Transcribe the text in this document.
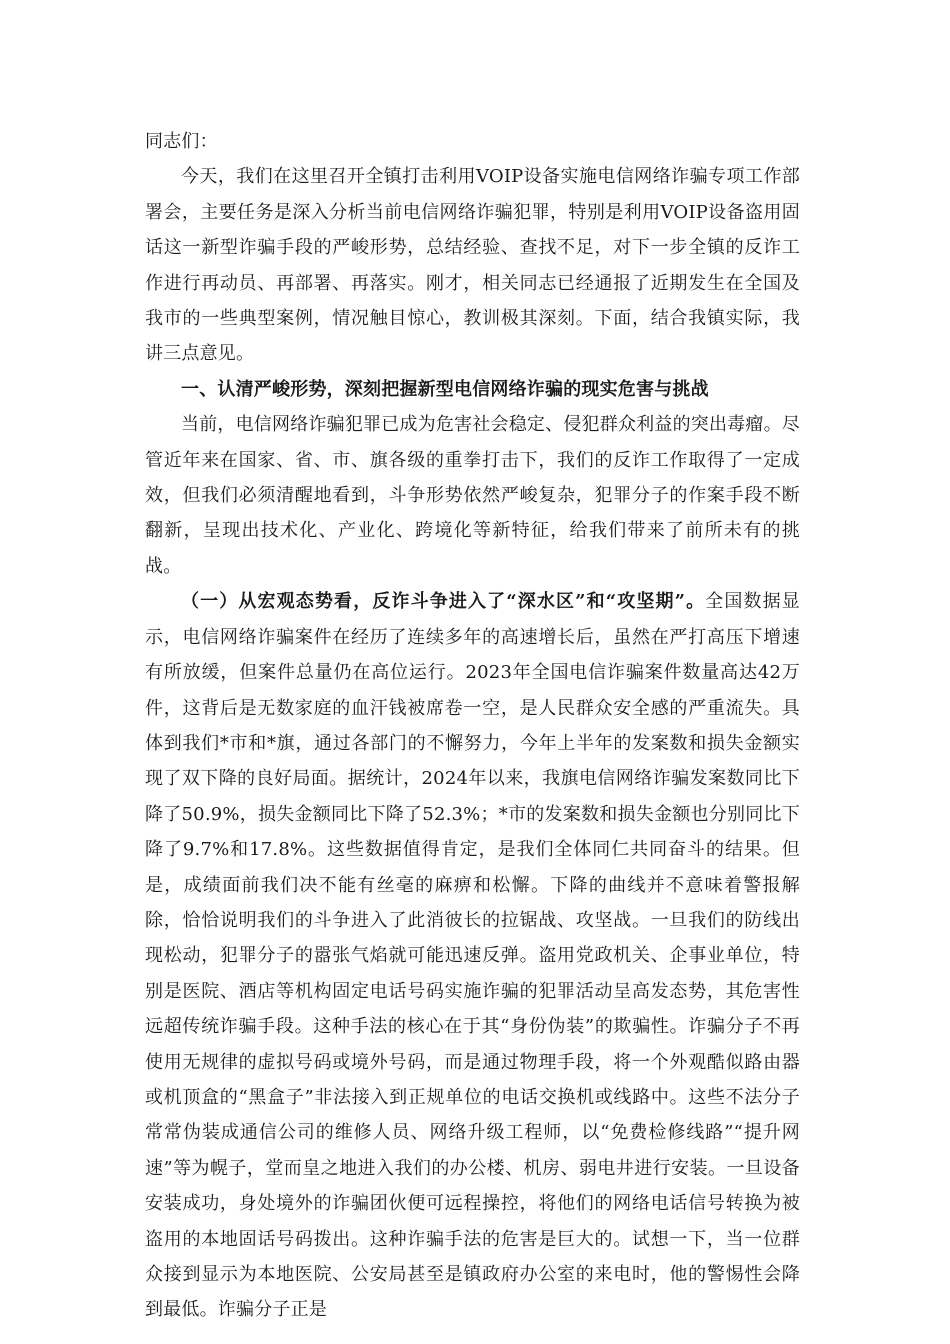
同志们：

今天，我们在这里召开全镇打击利用VOIP设备实施电信网络诈骗专项工作部署会，主要任务是深入分析当前电信网络诈骗犯罪，特别是利用VOIP设备盗用固话这一新型诈骗手段的严峻形势，总结经验、查找不足，对下一步全镇的反诈工作进行再动员、再部署、再落实。刚才，相关同志已经通报了近期发生在全国及我市的一些典型案例，情况触目惊心，教训极其深刻。下面，结合我镇实际，我讲三点意见。

一、认清严峻形势，深刻把握新型电信网络诈骗的现实危害与挑战

当前，电信网络诈骗犯罪已成为危害社会稳定、侵犯群众利益的突出毒瘤。尽管近年来在国家、省、市、旗各级的重拳打击下，我们的反诈工作取得了一定成效，但我们必须清醒地看到，斗争形势依然严峻复杂，犯罪分子的作案手段不断翻新，呈现出技术化、产业化、跨境化等新特征，给我们带来了前所未有的挑战。

（一）从宏观态势看，反诈斗争进入了“深水区”和“攻坚期”。全国数据显示，电信网络诈骗案件在经历了连续多年的高速增长后，虽然在严打高压下增速有所放缓，但案件总量仍在高位运行。2023年全国电信诈骗案件数量高达42万件，这背后是无数家庭的血汗钱被席卷一空，是人民群众安全感的严重流失。具体到我们*市和*旗，通过各部门的不懈努力，今年上半年的发案数和损失金额实现了双下降的良好局面。据统计，2024年以来，我旗电信网络诈骗发案数同比下降了50.9%，损失金额同比下降了52.3%；*市的发案数和损失金额也分别同比下降了9.7%和17.8%。这些数据值得肯定，是我们全体同仁共同奋斗的结果。但是，成绩面前我们决不能有丝毫的麻痹和松懈。下降的曲线并不意味着警报解除，恰恰说明我们的斗争进入了此消彼长的拉锯战、攻坚战。一旦我们的防线出现松动，犯罪分子的嚣张气焰就可能迅速反弹。盗用党政机关、企事业单位，特别是医院、酒店等机构固定电话号码实施诈骗的犯罪活动呈高发态势，其危害性远超传统诈骗手段。这种手法的核心在于其“身份伪装”的欺骗性。诈骗分子不再使用无规律的虚拟号码或境外号码，而是通过物理手段，将一个外观酷似路由器或机顶盒的“黑盒子”非法接入到正规单位的电话交换机或线路中。这些不法分子常常伪装成通信公司的维修人员、网络升级工程师，以“免费检修线路”“提升网速”等为幌子，堂而皇之地进入我们的办公楼、机房、弱电井进行安装。一旦设备安装成功，身处境外的诈骗团伙便可远程操控，将他们的网络电话信号转换为被盗用的本地固话号码拨出。这种诈骗手法的危害是巨大的。试想一下，当一位群众接到显示为本地医院、公安局甚至是镇政府办公室的来电时，他的警惕性会降到最低。诈骗分子正是
